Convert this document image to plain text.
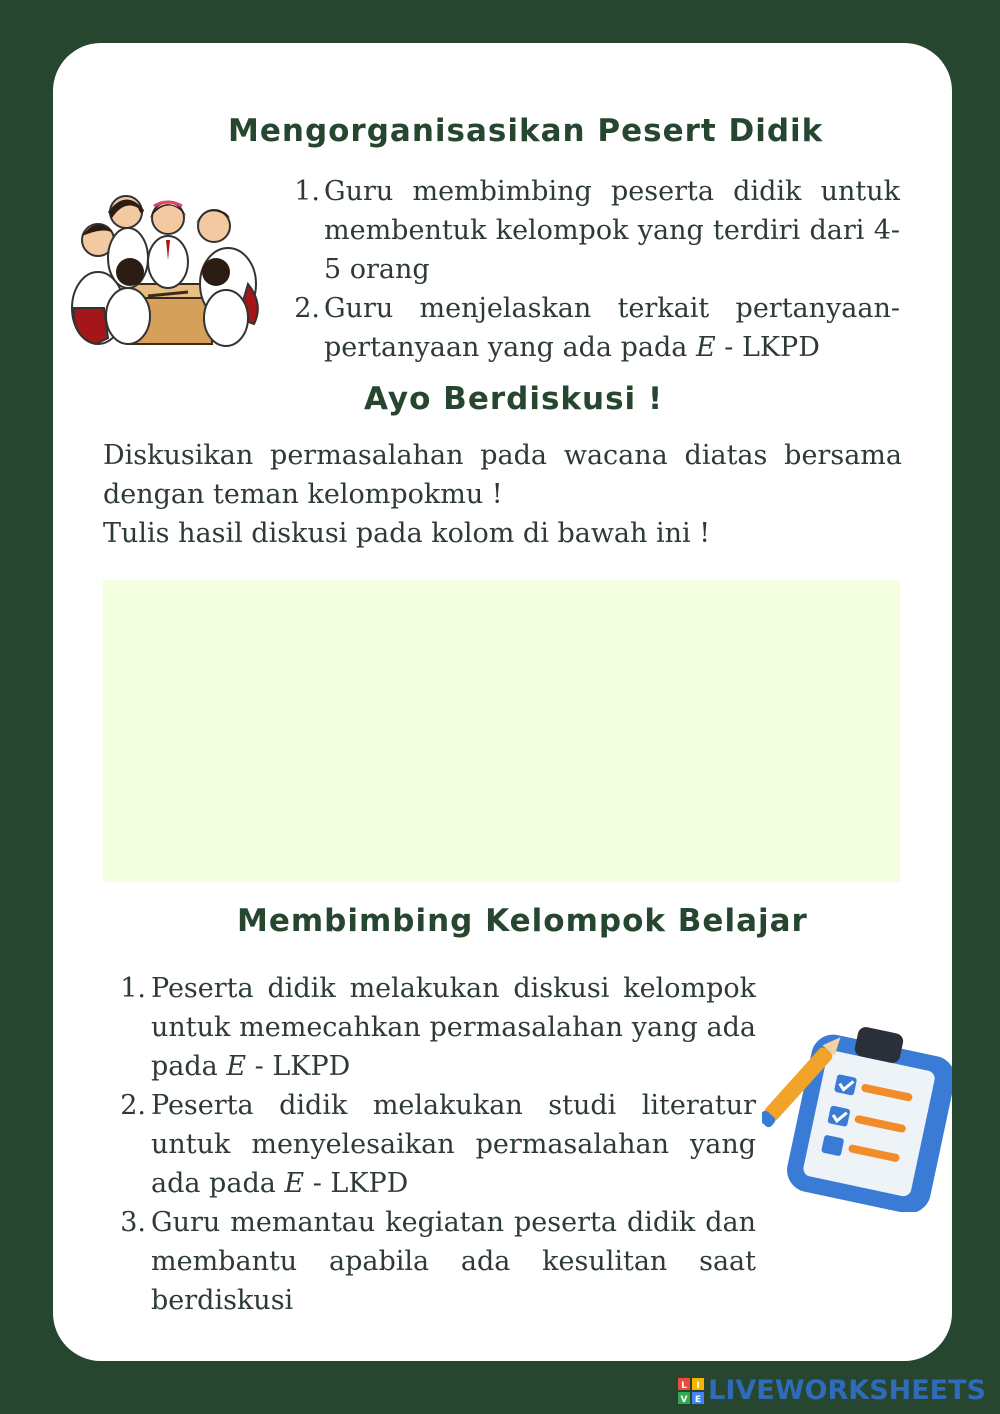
Mengorganisasikan Pesert Didik
1. Guru membimbing peserta didik untuk membentuk kelompok yang terdiri dari 4-5 orang
2. Guru menjelaskan terkait pertanyaan-pertanyaan yang ada pada E - LKPD
Ayo Berdiskusi !

Diskusikan permasalahan pada wacana diatas bersama dengan teman kelompokmu !

Tulis hasil diskusi pada kolom di bawah ini !

Membimbing Kelompok Belajar
1. Peserta didik melakukan diskusi kelompok untuk memecahkan permasalahan yang ada pada E - LKPD
2. Peserta didik melakukan studi literatur untuk menyelesaikan permasalahan yang ada pada E - LKPD
3. Guru memantau kegiatan peserta didik dan membantu apabila ada kesulitan saat berdiskusi
L I
V E LIVEWORKSHEETS
